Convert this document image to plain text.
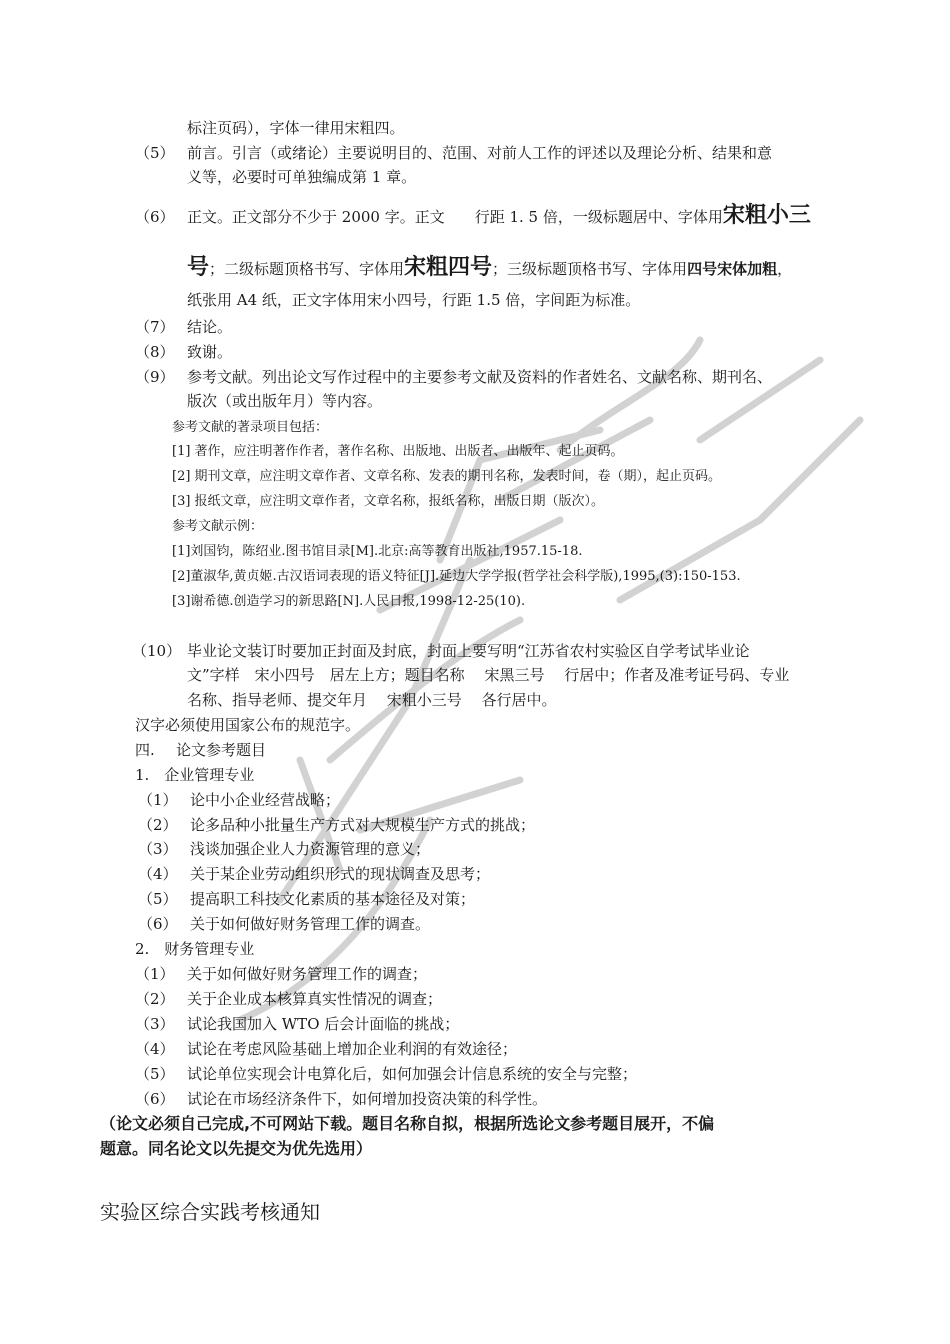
标注页码），字体一律用宋粗四。
（5） 前言。引言（或绪论）主要说明目的、范围、对前人工作的评述以及理论分析、结果和意
义等，必要时可单独编成第 1 章。
（6） 正文。正文部分不少于 2000 字。正文　　行距 1. 5 倍，一级标题居中、字体用宋粗小三
号；二级标题顶格书写、字体用宋粗四号；三级标题顶格书写、字体用四号宋体加粗，
纸张用 A4 纸，正文字体用宋小四号，行距 1.5 倍，字间距为标准。
（7） 结论。
（8） 致谢。
（9） 参考文献。列出论文写作过程中的主要参考文献及资料的作者姓名、文献名称、期刊名、
版次（或出版年月）等内容。
参考文献的著录项目包括：
[1] 著作，应注明著作作者，著作名称、出版地、出版者、出版年、起止页码。
[2] 期刊文章，应注明文章作者、文章名称、发表的期刊名称，发表时间，卷（期），起止页码。
[3] 报纸文章，应注明文章作者，文章名称，报纸名称，出版日期（版次）。
参考文献示例：
[1]刘国钧，陈绍业.图书馆目录[M].北京:高等教育出版社,1957.15-18.
[2]董淑华,黄贞姬.古汉语词表现的语义特征[J].延边大学学报(哲学社会科学版),1995,(3):150-153.
[3]谢希德.创造学习的新思路[N].人民日报,1998-12-25(10).
（10） 毕业论文装订时要加正封面及封底，封面上要写明“江苏省农村实验区自学考试毕业论
文”字样　宋小四号　居左上方；题目名称　 宋黑三号　 行居中；作者及准考证号码、专业
名称、指导老师、提交年月　 宋粗小三号　 各行居中。
汉字必须使用国家公布的规范字。
四. 论文参考题目
1.　企业管理专业
（1） 论中小企业经营战略；
（2） 论多品种小批量生产方式对大规模生产方式的挑战；
（3） 浅谈加强企业人力资源管理的意义；
（4） 关于某企业劳动组织形式的现状调查及思考；
（5） 提高职工科技文化素质的基本途径及对策；
（6） 关于如何做好财务管理工作的调查。
2.　财务管理专业
（1） 关于如何做好财务管理工作的调查；
（2） 关于企业成本核算真实性情况的调查；
（3） 试论我国加入 WTO 后会计面临的挑战；
（4） 试论在考虑风险基础上增加企业利润的有效途径；
（5） 试论单位实现会计电算化后，如何加强会计信息系统的安全与完整；
（6） 试论在市场经济条件下，如何增加投资决策的科学性。
（论文必须自己完成,不可网站下载。题目名称自拟，根据所选论文参考题目展开，不偏
题意。同名论文以先提交为优先选用）
实验区综合实践考核通知
